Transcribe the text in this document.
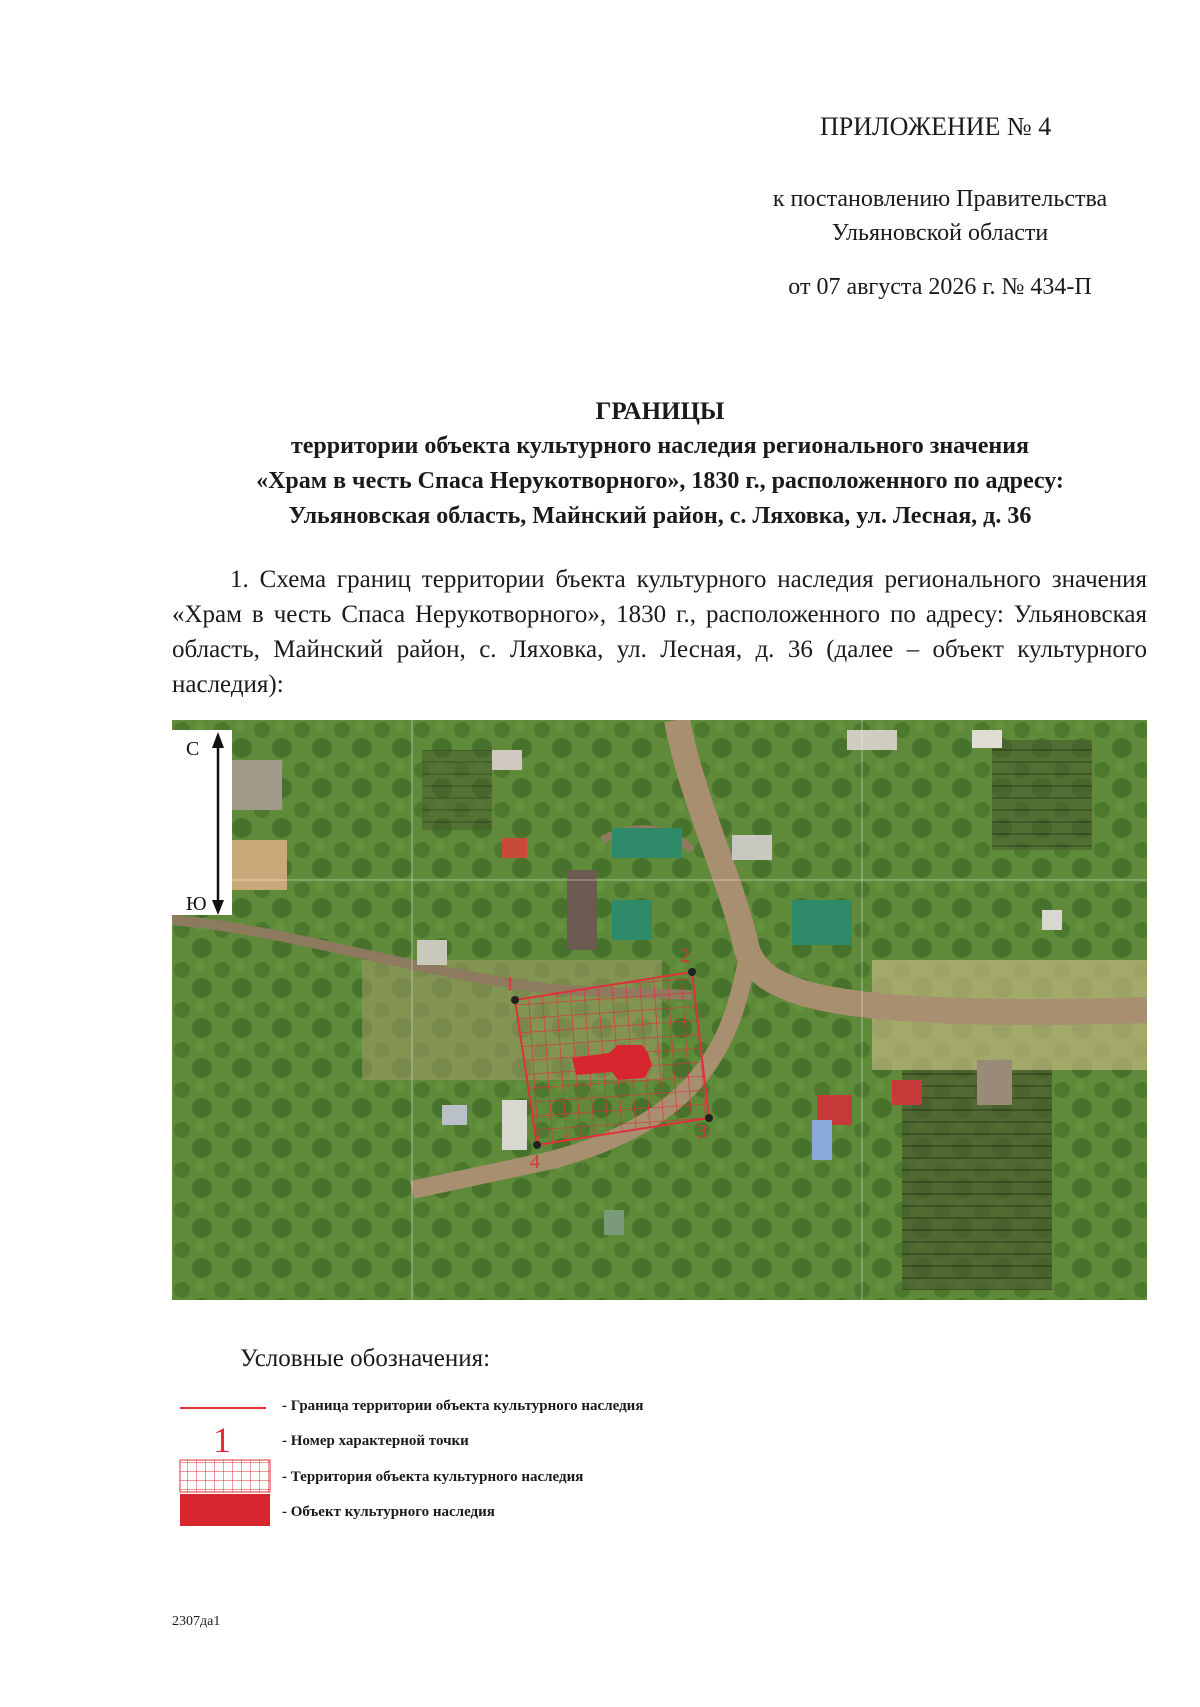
ПРИЛОЖЕНИЕ № 4
к постановлению Правительства
Ульяновской области
от 07 августа 2026 г. № 434-П
ГРАНИЦЫ
территории объекта культурного наследия регионального значения
«Храм в честь Спаса Нерукотворного», 1830 г., расположенного по адресу:
Ульяновская область, Майнский район, с. Ляховка, ул. Лесная, д. 36
1. Схема границ территории бъекта культурного наследия регионального значения «Храм в честь Спаса Нерукотворного», 1830 г., расположенного по адресу: Ульяновская область, Майнский район, с. Ляховка, ул. Лесная, д. 36 (далее – объект культурного наследия):
1
2
3
4
С
Ю
Условные обозначения:
1
- Граница территории объекта культурного наследия
- Номер характерной точки
- Территория объекта культурного наследия
- Объект культурного наследия
2307да1
